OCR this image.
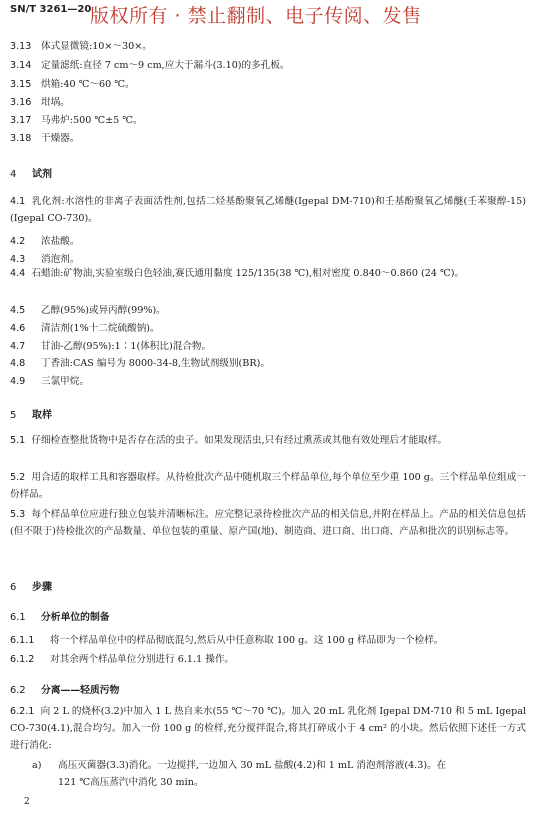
SN/T 3261—20
版权所有 · 禁止翻制、电子传阅、发售
3.13 体式显微镜:10×～30×。
3.14 定量滤纸:直径 7 cm～9 cm,应大于漏斗(3.10)的多孔板。
3.15 烘箱:40 ℃～60 ℃。
3.16 坩埚。
3.17 马弗炉:500 ℃±5 ℃。
3.18 干燥器。
4 试剂
4.1 乳化剂:水溶性的非离子表面活性剂,包括二烃基酚聚氧乙烯醚(Igepal DM-710)和壬基酚聚氧乙烯醚(壬苯聚醇-15) (Igepal CO-730)。
4.2 浓盐酸。
4.3 消泡剂。
4.4 石蜡油:矿物油,实验室级白色轻油,赛氏通用黏度 125/135(38 ℃),相对密度 0.840～0.860 (24 ℃)。
4.5 乙醇(95%)或异丙醇(99%)。
4.6 清洁剂(1%十二烷硫酸钠)。
4.7 甘油-乙醇(95%):1∶1(体积比)混合物。
4.8 丁香油:CAS 编号为 8000-34-8,生物试剂级别(BR)。
4.9 三氯甲烷。
5 取样
5.1 仔细检查整批货物中是否存在活的虫子。如果发现活虫,只有经过熏蒸或其他有效处理后才能取样。
5.2 用合适的取样工具和容器取样。从待检批次产品中随机取三个样品单位,每个单位至少重 100 g。三个样品单位组成一份样品。
5.3 每个样品单位应进行独立包装并清晰标注。应完整记录待检批次产品的相关信息,并附在样品上。产品的相关信息包括(但不限于)待检批次的产品数量、单位包装的重量、原产国(地)、制造商、进口商、出口商、产品和批次的识别标志等。
6 步骤
6.1 分析单位的制备
6.1.1 将一个样品单位中的样品彻底混匀,然后从中任意称取 100 g。这 100 g 样品即为一个检样。
6.1.2 对其余两个样品单位分别进行 6.1.1 操作。
6.2 分离——轻质污物
6.2.1 向 2 L 的烧杯(3.2)中加入 1 L 热自来水(55 ℃～70 ℃)。加入 20 mL 乳化剂 Igepal DM-710 和 5 mL Igepal CO-730(4.1),混合均匀。加入一份 100 g 的检样,充分搅拌混合,将其打碎成小于 4 cm² 的小块。然后依照下述任一方式进行消化:
a) 高压灭菌器(3.3)消化。一边搅拌,一边加入 30 mL 盐酸(4.2)和 1 mL 消泡剂溶液(4.3)。在
121 ℃高压蒸汽中消化 30 min。
2
